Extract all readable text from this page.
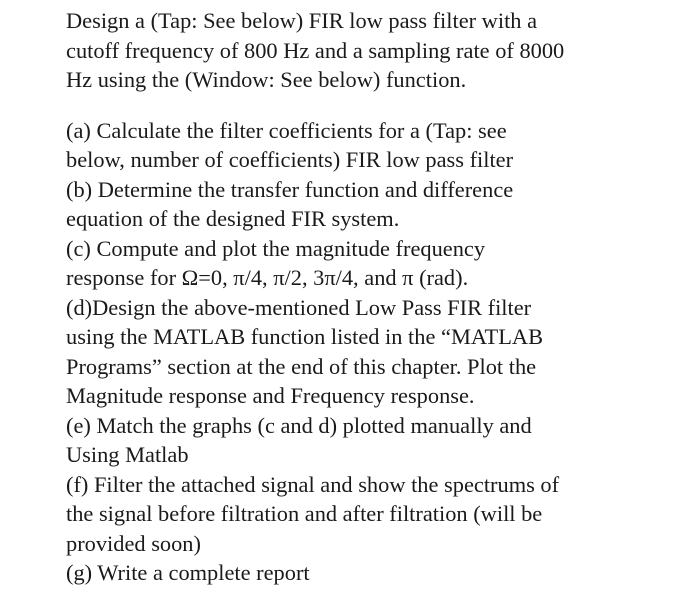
Design a (Tap: See below) FIR low pass filter with a
cutoff frequency of 800 Hz and a sampling rate of 8000
Hz using the (Window: See below) function.
(a) Calculate the filter coefficients for a (Tap: see
below, number of coefficients) FIR low pass filter
(b) Determine the transfer function and difference
equation of the designed FIR system.
(c) Compute and plot the magnitude frequency
response for Ω=0, π/4, π/2, 3π/4, and π (rad).
(d)Design the above-mentioned Low Pass FIR filter
using the MATLAB function listed in the “MATLAB
Programs” section at the end of this chapter. Plot the
Magnitude response and Frequency response.
(e) Match the graphs (c and d) plotted manually and
Using Matlab
(f) Filter the attached signal and show the spectrums of
the signal before filtration and after filtration (will be
provided soon)
(g) Write a complete report
